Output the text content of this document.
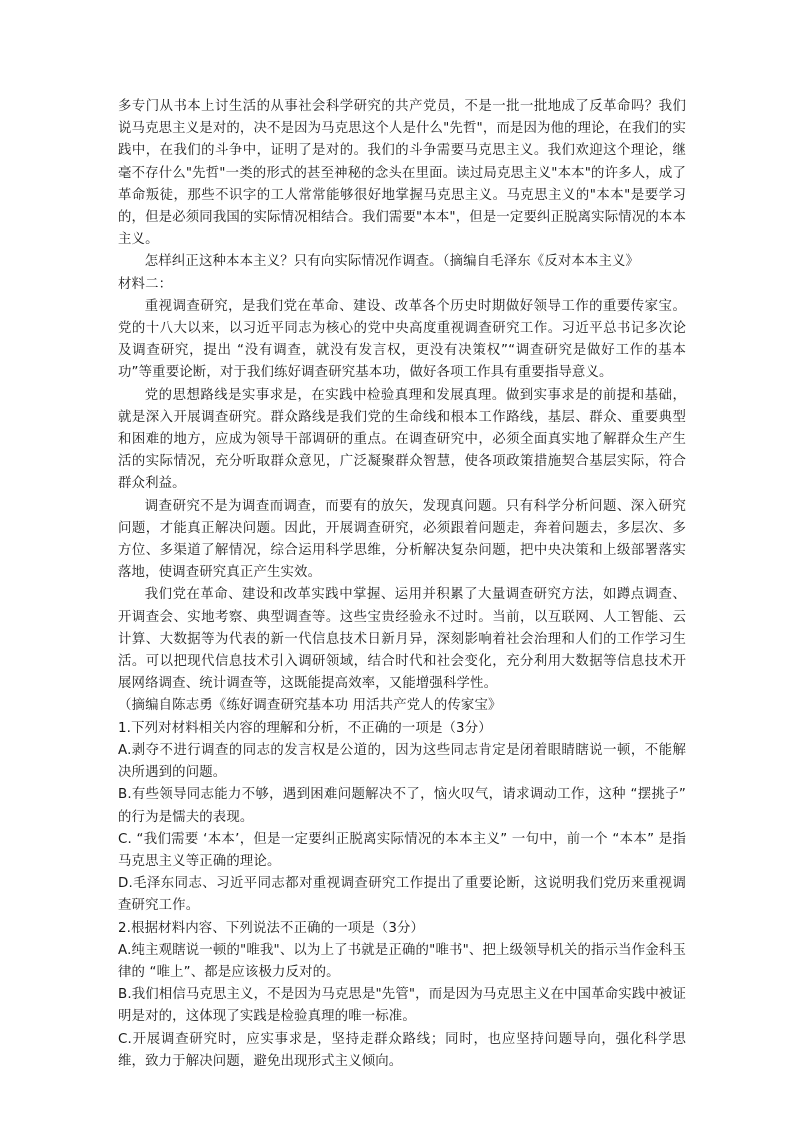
多专门从书本上讨生活的从事社会科学研究的共产党员，不是一批一批地成了反革命吗？我们说马克思主义是对的，决不是因为马克思这个人是什么"先哲"，而是因为他的理论，在我们的实践中，在我们的斗争中，证明了是对的。我们的斗争需要马克思主义。我们欢迎这个理论，继毫不存什么"先哲"一类的形式的甚至神秘的念头在里面。读过局克思主义"本本"的许多人，成了革命叛徒，那些不识字的工人常常能够很好地掌握马克思主义。马克思主义的"本本"是要学习的，但是必须同我国的实际情况相结合。我们需要"本本"，但是一定要纠正脱离实际情况的本本主义。

怎样纠正这种本本主义？只有向实际情况作调查。（摘编自毛泽东《反对本本主义》

材料二：

重视调查研究，是我们党在革命、建设、改革各个历史时期做好领导工作的重要传家宝。党的十八大以来，以习近平同志为核心的党中央高度重视调查研究工作。习近平总书记多次论及调查研究，提出 “没有调查，就没有发言权，更没有决策权”“调查研究是做好工作的基本功”等重要论断，对于我们练好调查研究基本功，做好各项工作具有重要指导意义。

党的思想路线是实事求是，在实践中检验真理和发展真理。做到实事求是的前提和基础，就是深入开展调查研究。群众路线是我们党的生命线和根本工作路线，基层、群众、重要典型和困难的地方，应成为领导干部调研的重点。在调查研究中，必须全面真实地了解群众生产生活的实际情况，充分听取群众意见，广泛凝聚群众智慧，使各项政策措施契合基层实际，符合群众利益。

调查研究不是为调查而调查，而要有的放矢，发现真问题。只有科学分析问题、深入研究问题，才能真正解决问题。因此，开展调查研究，必须跟着问题走，奔着问题去，多层次、多方位、多渠道了解情况，综合运用科学思维，分析解决复杂问题，把中央决策和上级部署落实落地，使调查研究真正产生实效。

我们党在革命、建设和改革实践中掌握、运用并积累了大量调查研究方法，如蹲点调查、开调查会、实地考察、典型调查等。这些宝贵经验永不过时。当前，以互联网、人工智能、云计算、大数据等为代表的新一代信息技术日新月异，深刻影响着社会治理和人们的工作学习生活。可以把现代信息技术引入调研领域，结合时代和社会变化，充分利用大数据等信息技术开展网络调查、统计调查等，这既能提高效率，又能增强科学性。

（摘编自陈志勇《练好调查研究基本功 用活共产党人的传家宝》

1.下列对材料相关内容的理解和分析，不正确的一项是（3分）

A.剥夺不进行调查的同志的发言权是公道的，因为这些同志肯定是闭着眼睛瞎说一顿，不能解决所遇到的问题。

B.有些领导同志能力不够，遇到困难问题解决不了，恼火叹气，请求调动工作，这种 “摆挑子” 的行为是懦夫的表现。

C. “我们需要 ‘本本’，但是一定要纠正脱离实际情况的本本主义” 一句中，前一个 “本本” 是指马克思主义等正确的理论。

D.毛泽东同志、习近平同志都对重视调查研究工作提出了重要论断，这说明我们党历来重视调查研究工作。

2.根据材料内容、下列说法不正确的一项是（3分）

A.纯主观瞎说一顿的"唯我"、以为上了书就是正确的"唯书"、把上级领导机关的指示当作金科玉律的 “唯上”、都是应该极力反对的。

B.我们相信马克思主义，不是因为马克思是"先管"，而是因为马克思主义在中国革命实践中被证明是对的，这体现了实践是检验真理的唯一标准。

C.开展调查研究时，应实事求是，坚持走群众路线；同时，也应坚持问题导向，强化科学思维，致力于解决问题，避免出现形式主义倾向。
